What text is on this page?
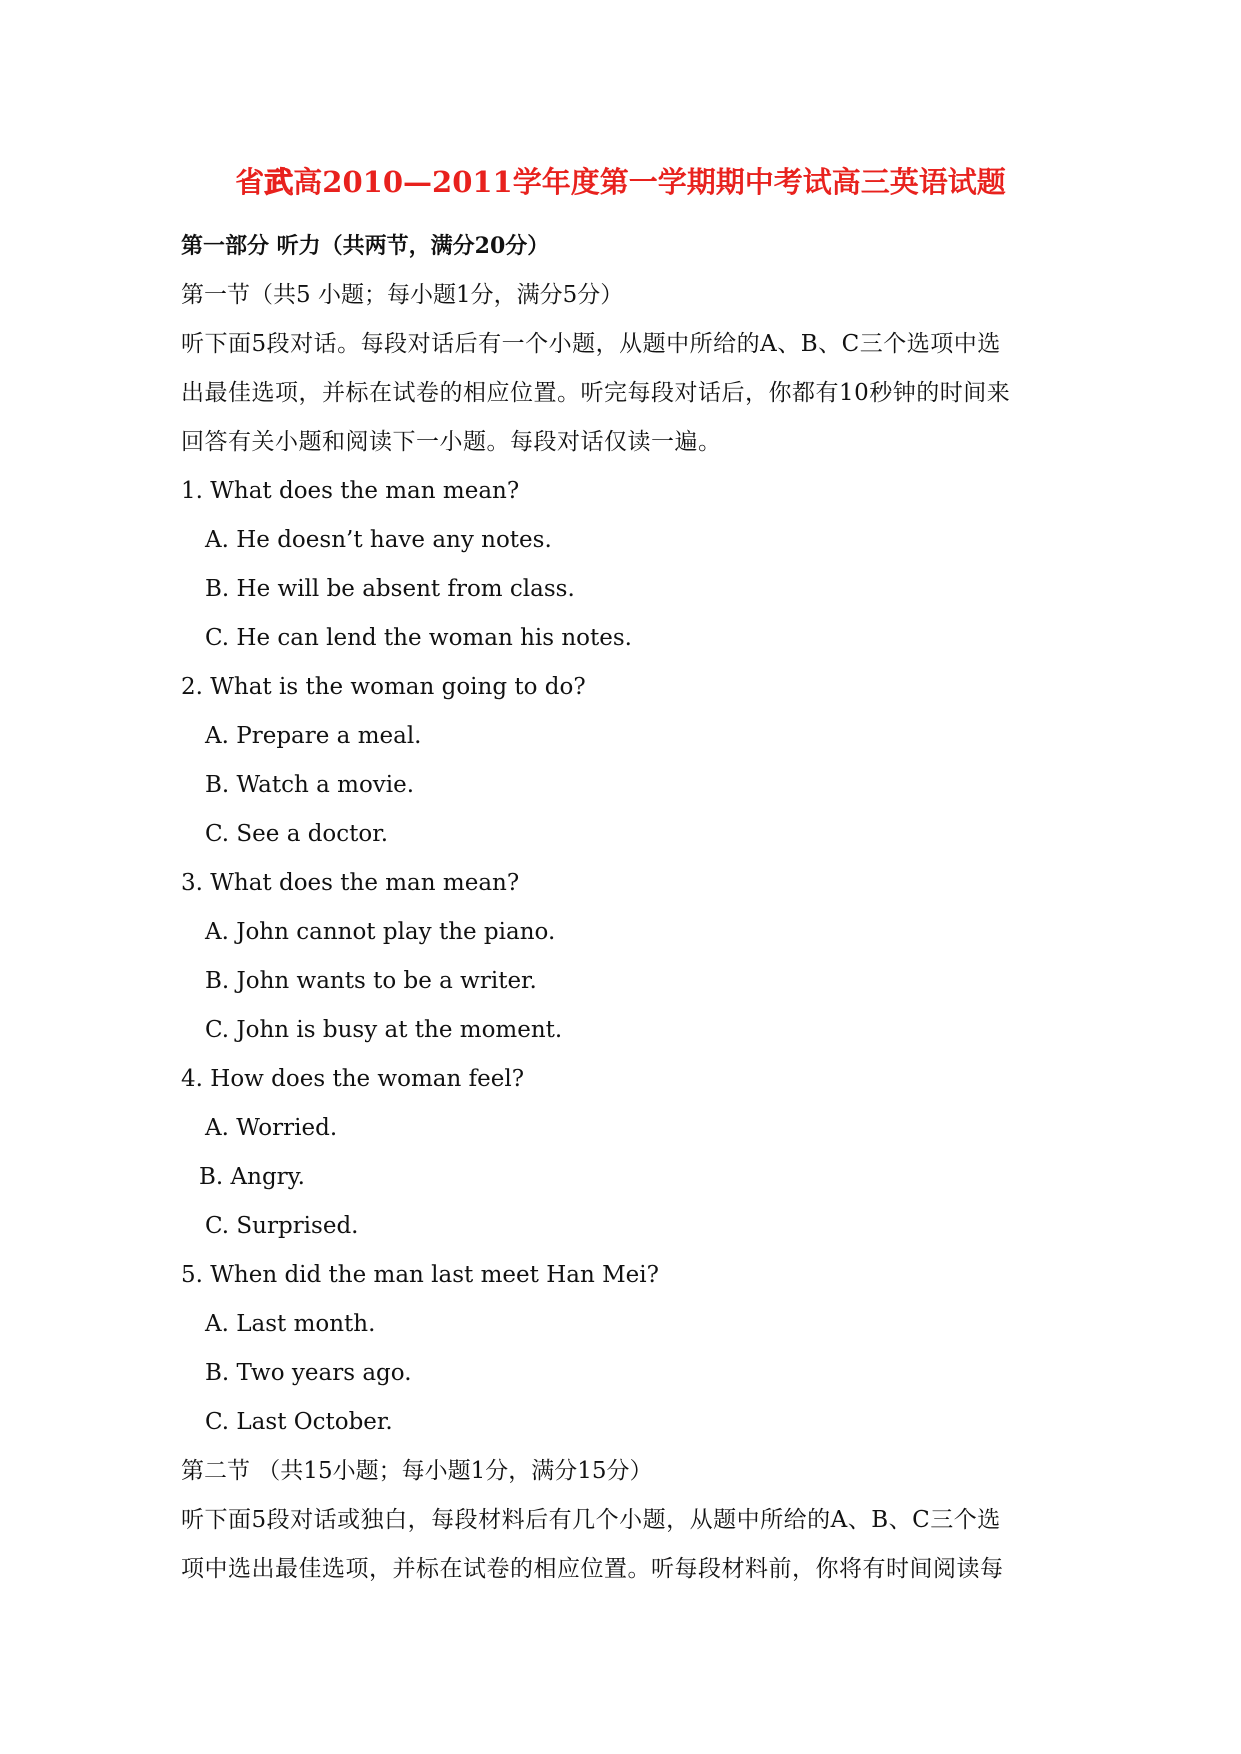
省武高2010—2011学年度第一学期期中考试高三英语试题
第一部分 听力（共两节，满分20分）
第一节（共5 小题；每小题1分，满分5分）
听下面5段对话。每段对话后有一个小题，从题中所给的A、B、C三个选项中选
出最佳选项，并标在试卷的相应位置。听完每段对话后，你都有10秒钟的时间来
回答有关小题和阅读下一小题。每段对话仅读一遍。
1. What does the man mean?
A. He doesn’t have any notes.
B. He will be absent from class.
C. He can lend the woman his notes.
2. What is the woman going to do?
A. Prepare a meal.
B. Watch a movie.
C. See a doctor.
3. What does the man mean?
A. John cannot play the piano.
B. John wants to be a writer.
C. John is busy at the moment.
4. How does the woman feel?
A. Worried.
B. Angry.
C. Surprised.
5. When did the man last meet Han Mei?
A. Last month.
B. Two years ago.
C. Last October.
第二节 （共15小题；每小题1分，满分15分）
听下面5段对话或独白，每段材料后有几个小题，从题中所给的A、B、C三个选
项中选出最佳选项，并标在试卷的相应位置。听每段材料前，你将有时间阅读每
